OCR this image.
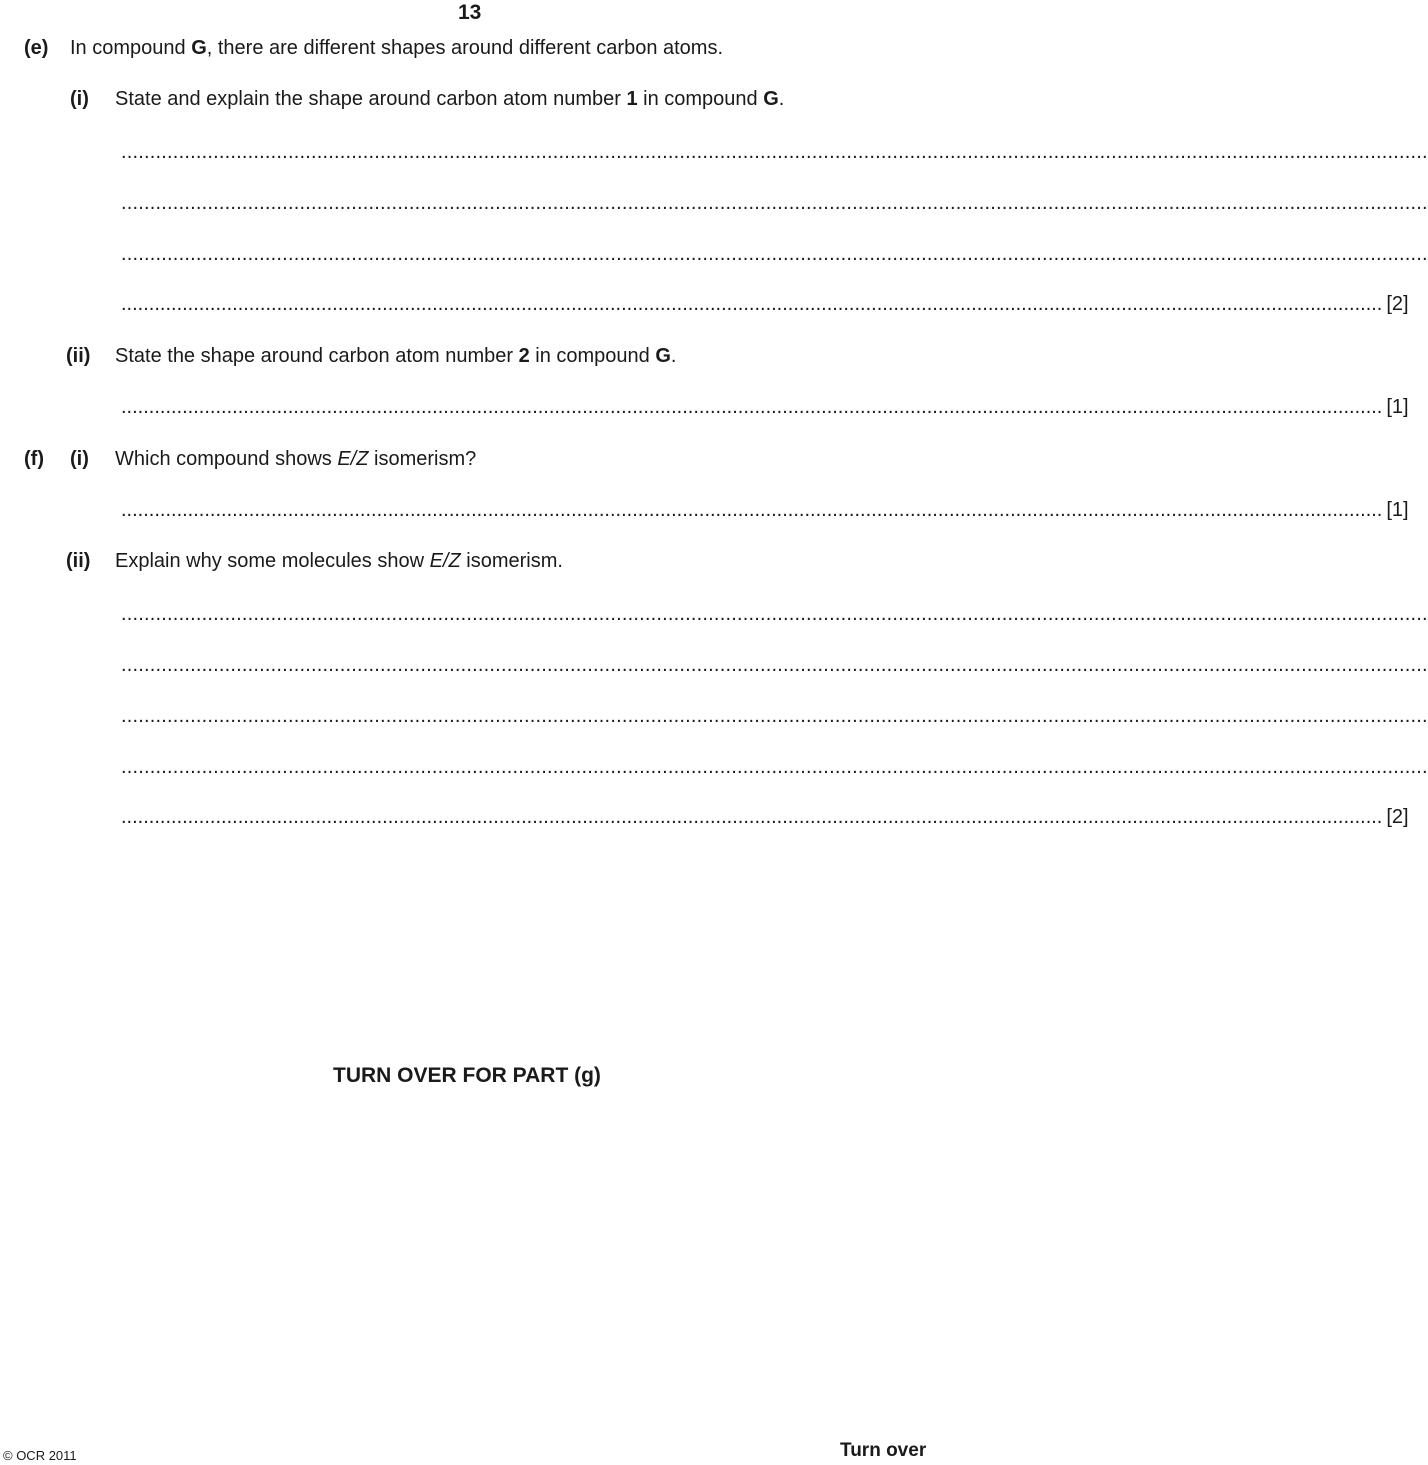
13
(e) In compound G, there are different shapes around different carbon atoms.
(i) State and explain the shape around carbon atom number 1 in compound G.
...................................................................................................................................................................................................................................
...................................................................................................................................................................................................................................
...................................................................................................................................................................................................................................
................................................................................................................................................................................................................................... [2]
(ii) State the shape around carbon atom number 2 in compound G.
................................................................................................................................................................................................................................... [1]
(f) (i) Which compound shows E/Z isomerism?
................................................................................................................................................................................................................................... [1]
(ii) Explain why some molecules show E/Z isomerism.
...................................................................................................................................................................................................................................
...................................................................................................................................................................................................................................
...................................................................................................................................................................................................................................
...................................................................................................................................................................................................................................
................................................................................................................................................................................................................................... [2]
TURN OVER FOR PART (g)
© OCR 2011	Turn over
